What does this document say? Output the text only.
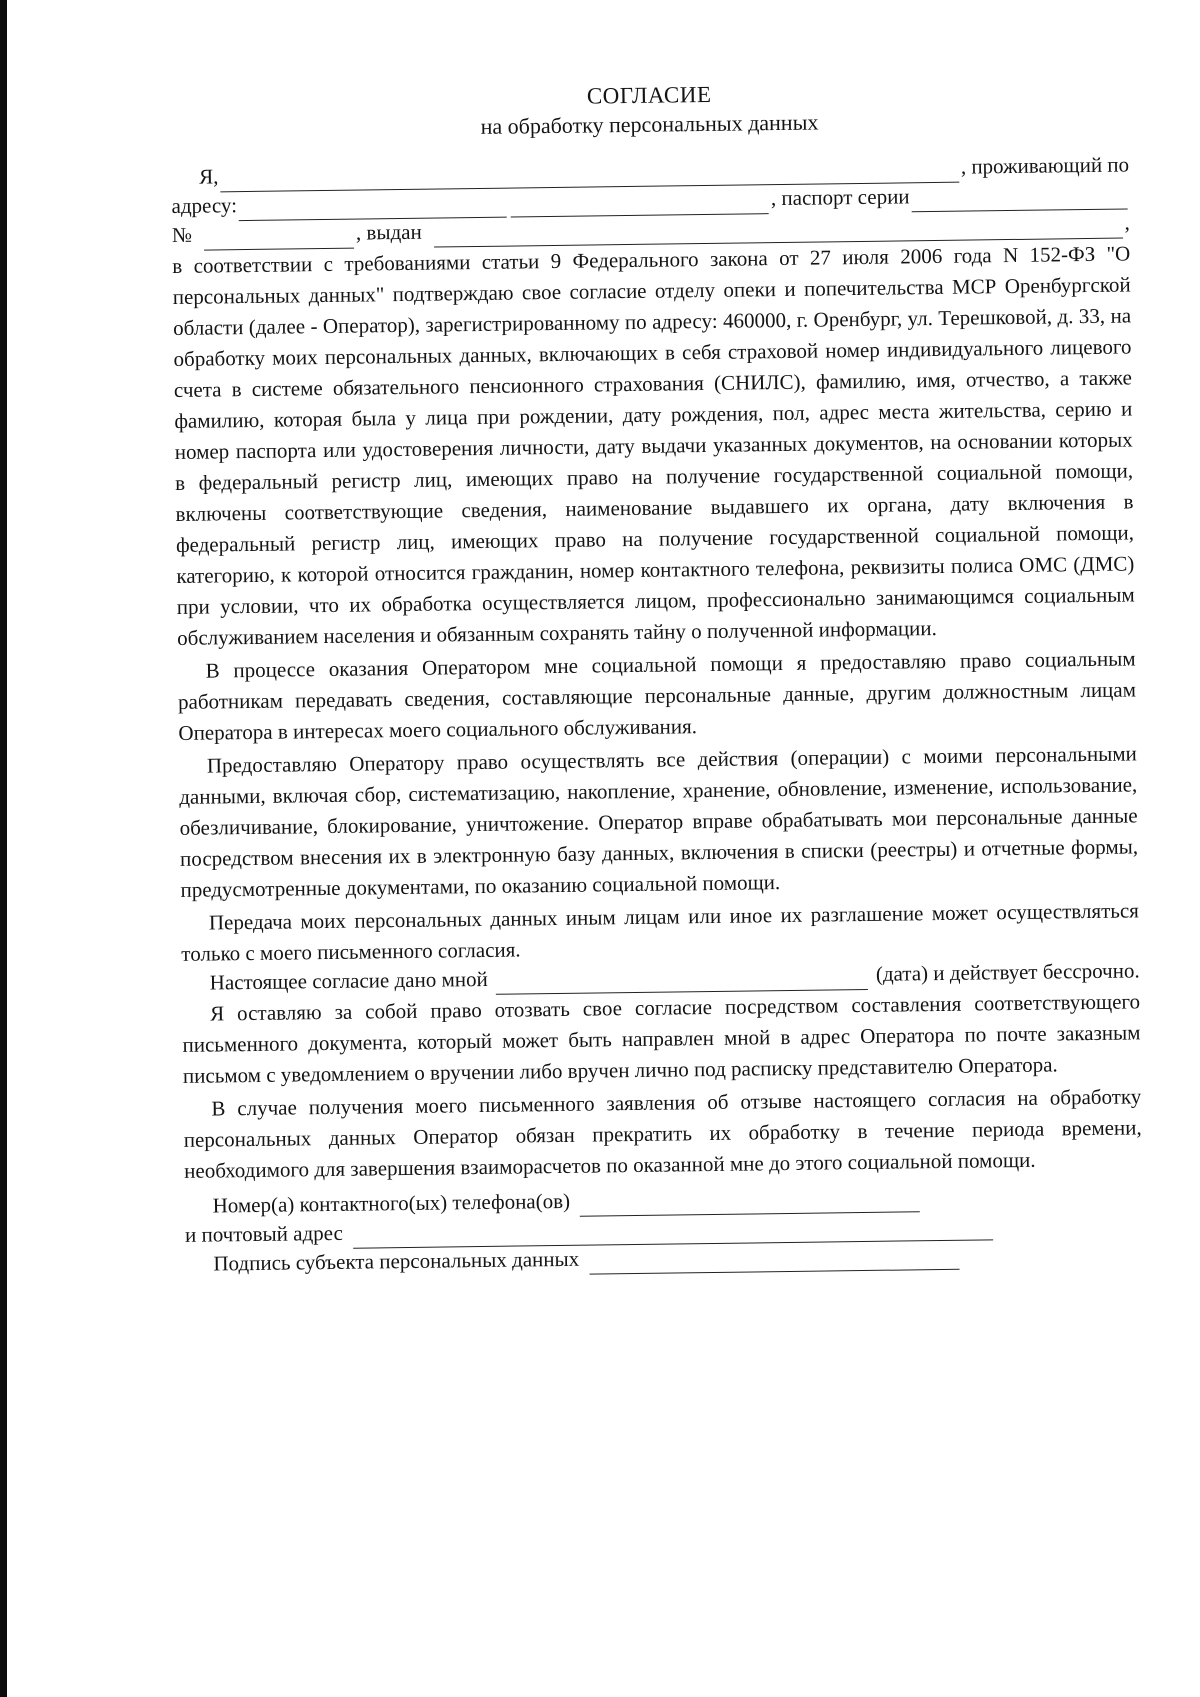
СОГЛАСИЕ
на обработку персональных данных
Я,	, проживающий по
адресу:	, паспорт серии
№	, выдан	,

в соответствии с требованиями статьи 9 Федерального закона от 27 июля 2006 года N 152-ФЗ "О персональных данных" подтверждаю свое согласие отделу опеки и попечительства МСР Оренбургской области (далее - Оператор), зарегистрированному по адресу: 460000, г. Оренбург, ул. Терешковой, д. 33, на обработку моих персональных данных, включающих в себя страховой номер индивидуального лицевого счета в системе обязательного пенсионного страхования (СНИЛС), фамилию, имя, отчество, а также фамилию, которая была у лица при рождении, дату рождения, пол, адрес места жительства, серию и номер паспорта или удостоверения личности, дату выдачи указанных документов, на основании которых в федеральный регистр лиц, имеющих право на получение государственной социальной помощи, включены соответствующие сведения, наименование выдавшего их органа, дату включения в федеральный регистр лиц, имеющих право на получение государственной социальной помощи, категорию, к которой относится гражданин, номер контактного телефона, реквизиты полиса ОМС (ДМС) при условии, что их обработка осуществляется лицом, профессионально занимающимся социальным обслуживанием населения и обязанным сохранять тайну о полученной информации.

В процессе оказания Оператором мне социальной помощи я предоставляю право социальным работникам передавать сведения, составляющие персональные данные, другим должностным лицам Оператора в интересах моего социального обслуживания.

Предоставляю Оператору право осуществлять все действия (операции) с моими персональными данными, включая сбор, систематизацию, накопление, хранение, обновление, изменение, использование, обезличивание, блокирование, уничтожение. Оператор вправе обрабатывать мои персональные данные посредством внесения их в электронную базу данных, включения в списки (реестры) и отчетные формы, предусмотренные документами, по оказанию социальной помощи.

Передача моих персональных данных иным лицам или иное их разглашение может осуществляться только с моего письменного согласия.

Настоящее согласие дано мной	(дата) и действует бессрочно.

Я оставляю за собой право отозвать свое согласие посредством составления соответствующего письменного документа, который может быть направлен мной в адрес Оператора по почте заказным письмом с уведомлением о вручении либо вручен лично под расписку представителю Оператора.

В случае получения моего письменного заявления об отзыве настоящего согласия на обработку персональных данных Оператор обязан прекратить их обработку в течение периода времени, необходимого для завершения взаиморасчетов по оказанной мне до этого социальной помощи.

Номер(а) контактного(ых) телефона(ов)
и почтовый адрес
Подпись субъекта персональных данных
